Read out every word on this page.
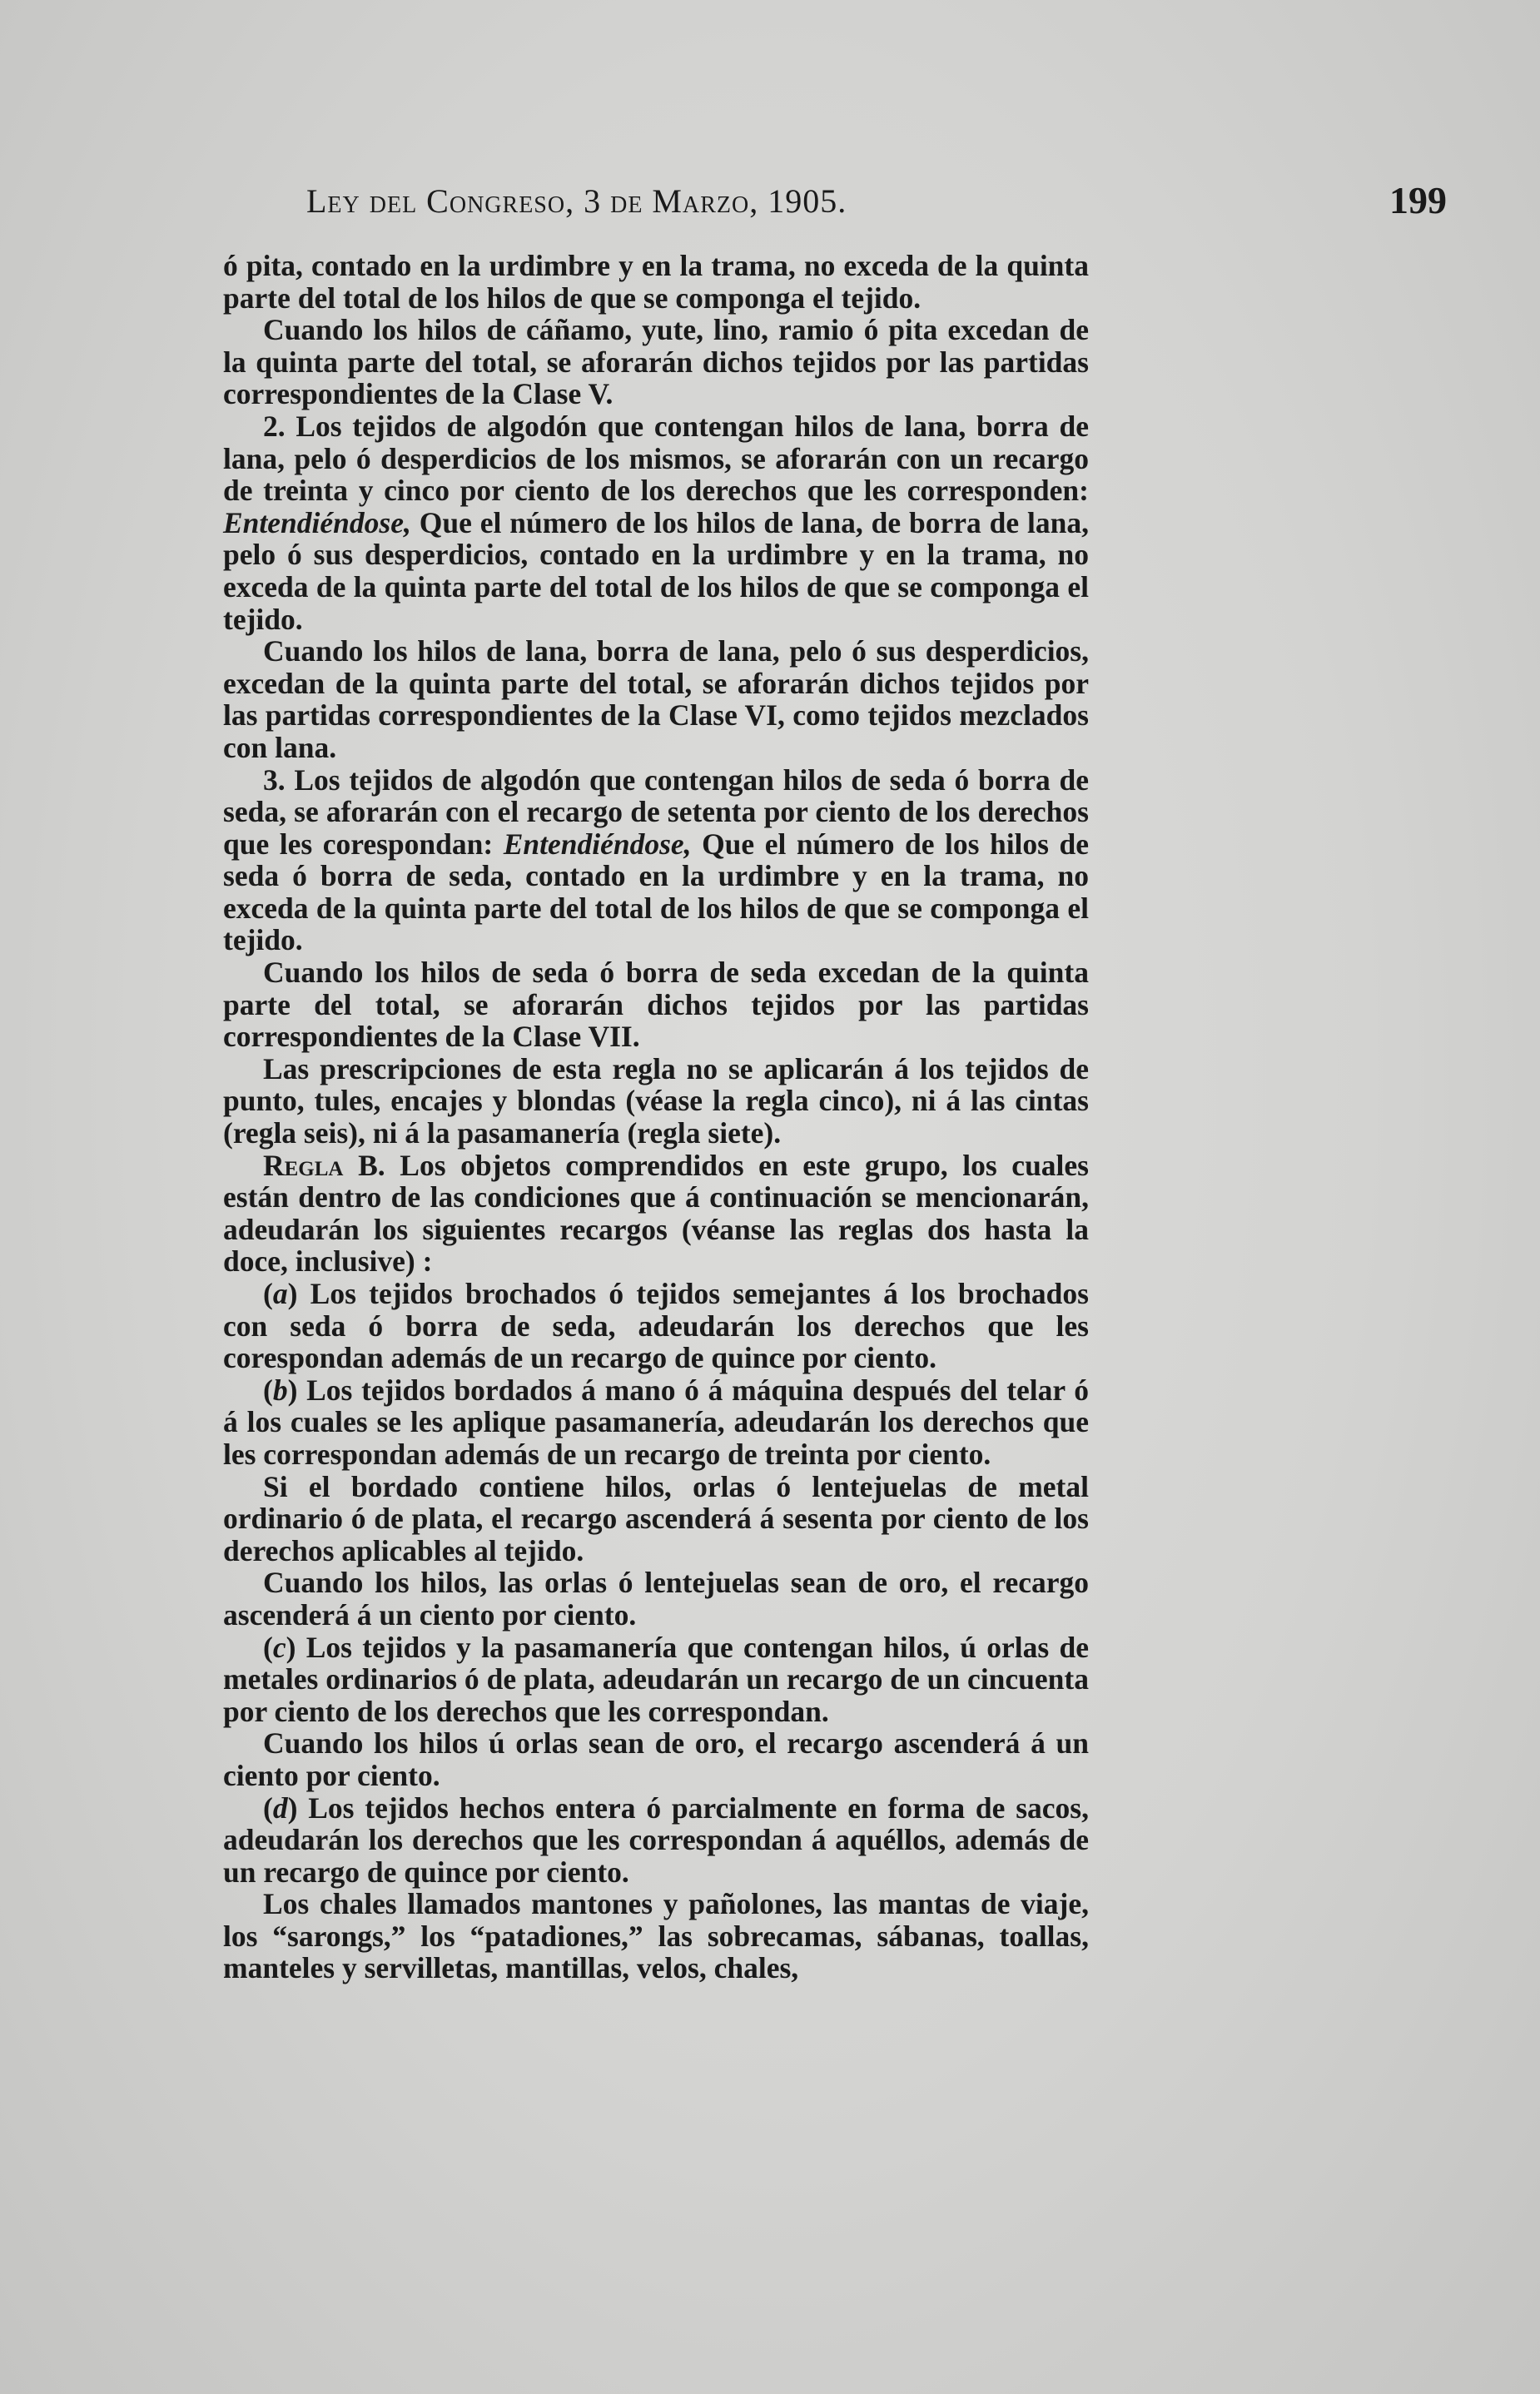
Ley del Congreso, 3 de Marzo, 1905.	199

ó pita, contado en la urdimbre y en la trama, no exceda de la quinta parte del total de los hilos de que se componga el tejido.

Cuando los hilos de cáñamo, yute, lino, ramio ó pita excedan de la quinta parte del total, se aforarán dichos tejidos por las partidas correspondientes de la Clase V.

2. Los tejidos de algodón que contengan hilos de lana, borra de lana, pelo ó desperdicios de los mismos, se aforarán con un recargo de treinta y cinco por ciento de los derechos que les corresponden: Entendiéndose, Que el número de los hilos de lana, de borra de lana, pelo ó sus desperdicios, contado en la urdimbre y en la trama, no exceda de la quinta parte del total de los hilos de que se componga el tejido.

Cuando los hilos de lana, borra de lana, pelo ó sus desperdicios, excedan de la quinta parte del total, se aforarán dichos tejidos por las partidas correspondientes de la Clase VI, como tejidos mezclados con lana.

3. Los tejidos de algodón que contengan hilos de seda ó borra de seda, se aforarán con el recargo de setenta por ciento de los derechos que les corespondan: Entendiéndose, Que el número de los hilos de seda ó borra de seda, contado en la urdimbre y en la trama, no exceda de la quinta parte del total de los hilos de que se componga el tejido.

Cuando los hilos de seda ó borra de seda excedan de la quinta parte del total, se aforarán dichos tejidos por las partidas correspondientes de la Clase VII.

Las prescripciones de esta regla no se aplicarán á los tejidos de punto, tules, encajes y blondas (véase la regla cinco), ni á las cintas (regla seis), ni á la pasamanería (regla siete).

Regla B. Los objetos comprendidos en este grupo, los cuales están dentro de las condiciones que á continuación se mencionarán, adeudarán los siguientes recargos (véanse las reglas dos hasta la doce, inclusive) :

(a) Los tejidos brochados ó tejidos semejantes á los brochados con seda ó borra de seda, adeudarán los derechos que les corespondan además de un recargo de quince por ciento.

(b) Los tejidos bordados á mano ó á máquina después del telar ó á los cuales se les aplique pasamanería, adeudarán los derechos que les correspondan además de un recargo de treinta por ciento.

Si el bordado contiene hilos, orlas ó lentejuelas de metal ordinario ó de plata, el recargo ascenderá á sesenta por ciento de los derechos aplicables al tejido.

Cuando los hilos, las orlas ó lentejuelas sean de oro, el recargo ascenderá á un ciento por ciento.

(c) Los tejidos y la pasamanería que contengan hilos, ú orlas de metales ordinarios ó de plata, adeudarán un recargo de un cincuenta por ciento de los derechos que les correspondan.

Cuando los hilos ú orlas sean de oro, el recargo ascenderá á un ciento por ciento.

(d) Los tejidos hechos entera ó parcialmente en forma de sacos, adeudarán los derechos que les correspondan á aquéllos, además de un recargo de quince por ciento.

Los chales llamados mantones y pañolones, las mantas de viaje, los “sarongs,” los “patadiones,” las sobrecamas, sábanas, toallas, manteles y servilletas, mantillas, velos, chales,
